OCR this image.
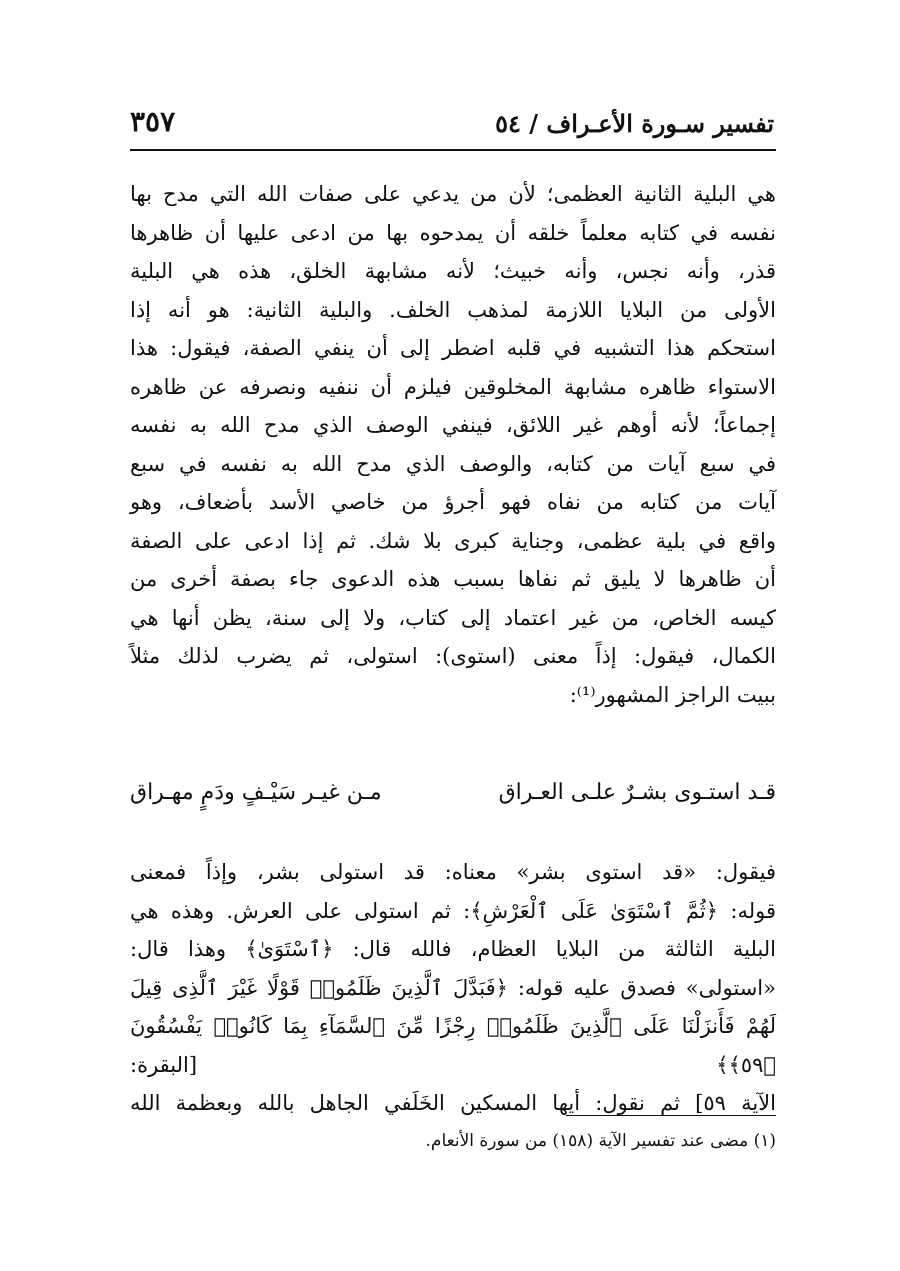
تفسير سـورة الأعـراف / ٥٤
٣٥٧

هي البلية الثانية العظمى؛ لأن من يدعي على صفات الله التي مدح بها

نفسه في كتابه معلماً خلقه أن يمدحوه بها من ادعى عليها أن ظاهرها

قذر، وأنه نجس، وأنه خبيث؛ لأنه مشابهة الخلق، هذه هي البلية

الأولى من البلايا اللازمة لمذهب الخلف. والبلية الثانية: هو أنه إذا

استحكم هذا التشبيه في قلبه اضطر إلى أن ينفي الصفة، فيقول: هذا

الاستواء ظاهره مشابهة المخلوقين فيلزم أن ننفيه ونصرفه عن ظاهره

إجماعاً؛ لأنه أوهم غير اللائق، فينفي الوصف الذي مدح الله به نفسه

في سبع آيات من كتابه، والوصف الذي مدح الله به نفسه في سبع

آيات من كتابه من نفاه فهو أجرؤ من خاصي الأسد بأضعاف، وهو

واقع في بلية عظمى، وجناية كبرى بلا شك. ثم إذا ادعى على الصفة

أن ظاهرها لا يليق ثم نفاها بسبب هذه الدعوى جاء بصفة أخرى من

كيسه الخاص، من غير اعتماد إلى كتاب، ولا إلى سنة، يظن أنها هي

الكمال، فيقول: إذاً معنى (استوى): استولى، ثم يضرب لذلك مثلاً

ببيت الراجز المشهور⁽¹⁾:

قـد استـوى بشـرٌ علـى العـراق
مـن غيـر سَيْـفٍ ودَمٍ مهـراق

فيقول: «قد استوى بشر» معناه: قد استولى بشر، وإذاً فمعنى

قوله: ﴿ثُمَّ ٱسْتَوَىٰ عَلَى ٱلْعَرْشِ﴾: ثم استولى على العرش. وهذه هي

البلية الثالثة من البلايا العظام، فالله قال: ﴿ٱسْتَوَىٰ﴾ وهذا قال:

«استولى» فصدق عليه قوله: ﴿فَبَدَّلَ ٱلَّذِينَ ظَلَمُوا۟ قَوْلًا غَيْرَ ٱلَّذِى قِيلَ

لَهُمْ فَأَنزَلْنَا عَلَى ٱلَّذِينَ ظَلَمُوا۟ رِجْزًا مِّنَ ٱلسَّمَآءِ بِمَا كَانُوا۟ يَفْسُقُونَ ﴿٥٩﴾﴾ [البقرة:

الآية ٥٩] ثم نقول: أيها المسكين الخَلَفي الجاهل بالله وبعظمة الله

(١) مضى عند تفسير الآية (١٥٨) من سورة الأنعام.
